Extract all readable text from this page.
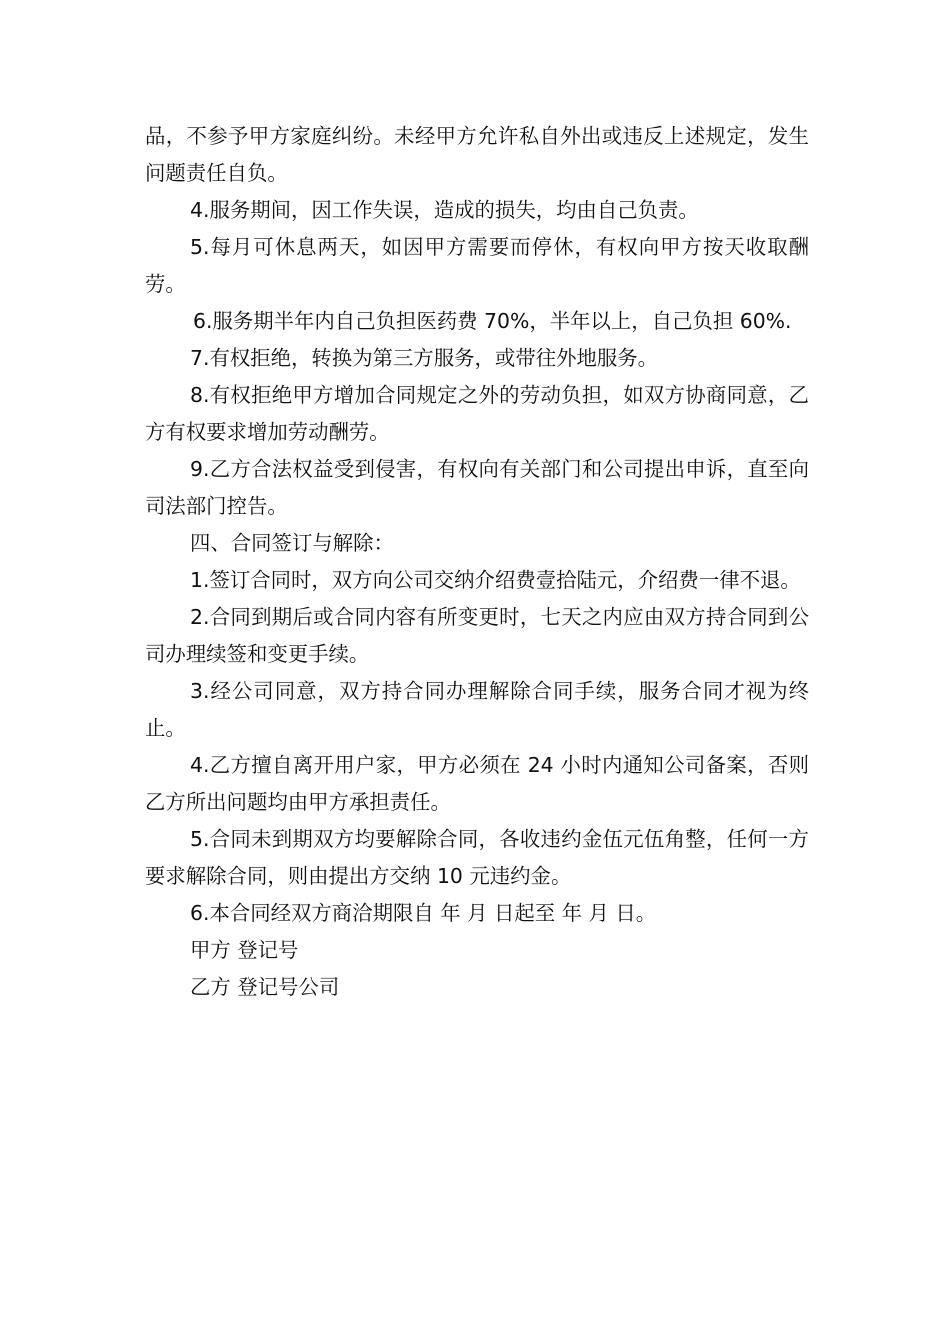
品，不参予甲方家庭纠纷。未经甲方允许私自外出或违反上述规定，发生问题责任自负。

4.服务期间，因工作失误，造成的损失，均由自己负责。

5.每月可休息两天，如因甲方需要而停休，有权向甲方按天收取酬劳。

6.服务期半年内自己负担医药费 70%，半年以上，自己负担 60%.

7.有权拒绝，转换为第三方服务，或带往外地服务。

8.有权拒绝甲方增加合同规定之外的劳动负担，如双方协商同意，乙方有权要求增加劳动酬劳。

9.乙方合法权益受到侵害，有权向有关部门和公司提出申诉，直至向司法部门控告。

四、合同签订与解除：

1.签订合同时，双方向公司交纳介绍费壹拾陆元，介绍费一律不退。

2.合同到期后或合同内容有所变更时，七天之内应由双方持合同到公司办理续签和变更手续。

3.经公司同意，双方持合同办理解除合同手续，服务合同才视为终止。

4.乙方擅自离开用户家，甲方必须在 24 小时内通知公司备案，否则乙方所出问题均由甲方承担责任。

5.合同未到期双方均要解除合同，各收违约金伍元伍角整，任何一方要求解除合同，则由提出方交纳 10 元违约金。

6.本合同经双方商洽期限自 年 月 日起至 年 月 日。

甲方 登记号

乙方 登记号公司
